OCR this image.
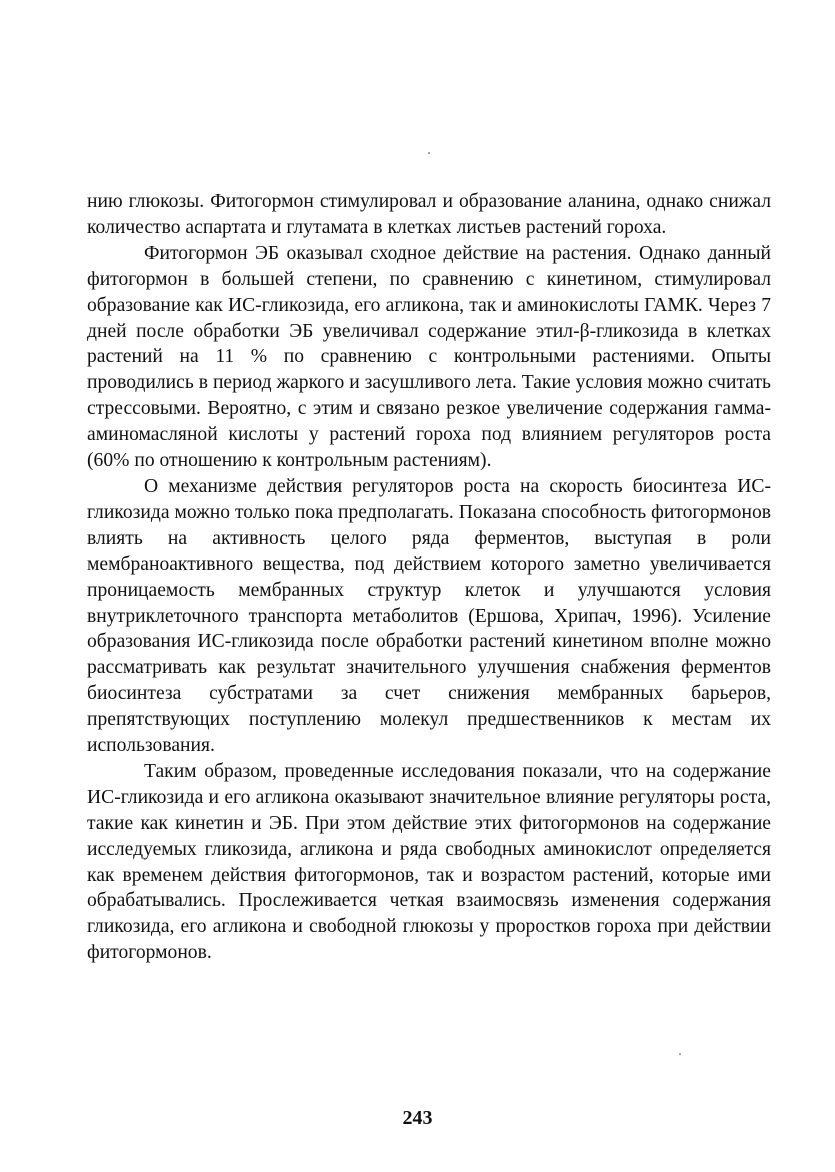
нию глюкозы. Фитогормон стимулировал и образование аланина, однако снижал количество аспартата и глутамата в клетках листьев растений гороха.

Фитогормон ЭБ оказывал сходное действие на растения. Однако данный фитогормон в большей степени, по сравнению с кинетином, стимулировал образование как ИС-гликозида, его агликона, так и аминокислоты ГАМК. Через 7 дней после обработки ЭБ увеличивал содержание этил-β-гликозида в клетках растений на 11 % по сравнению с контрольными растениями. Опыты проводились в период жаркого и засушливого лета. Такие условия можно считать стрессовыми. Вероятно, с этим и связано резкое увеличение содержания гамма-аминомасляной кислоты у растений гороха под влиянием регуляторов роста (60% по отношению к контрольным растениям).

О механизме действия регуляторов роста на скорость биосинтеза ИС-гликозида можно только пока предполагать. Показана способность фитогормонов влиять на активность целого ряда ферментов, выступая в роли мембраноактивного вещества, под действием которого заметно увеличивается проницаемость мембранных структур клеток и улучшаются условия внутриклеточного транспорта метаболитов (Ершова, Хрипач, 1996). Усиление образования ИС-гликозида после обработки растений кинетином вполне можно рассматривать как результат значительного улучшения снабжения ферментов биосинтеза субстратами за счет снижения мембранных барьеров, препятствующих поступлению молекул предшественников к местам их использования.

Таким образом, проведенные исследования показали, что на содержание ИС-гликозида и его агликона оказывают значительное влияние регуляторы роста, такие как кинетин и ЭБ. При этом действие этих фитогормонов на содержание исследуемых гликозида, агликона и ряда свободных аминокислот определяется как временем действия фитогормонов, так и возрастом растений, которые ими обрабатывались. Прослеживается четкая взаимосвязь изменения содержания гликозида, его агликона и свободной глюкозы у проростков гороха при действии фитогормонов.

243
